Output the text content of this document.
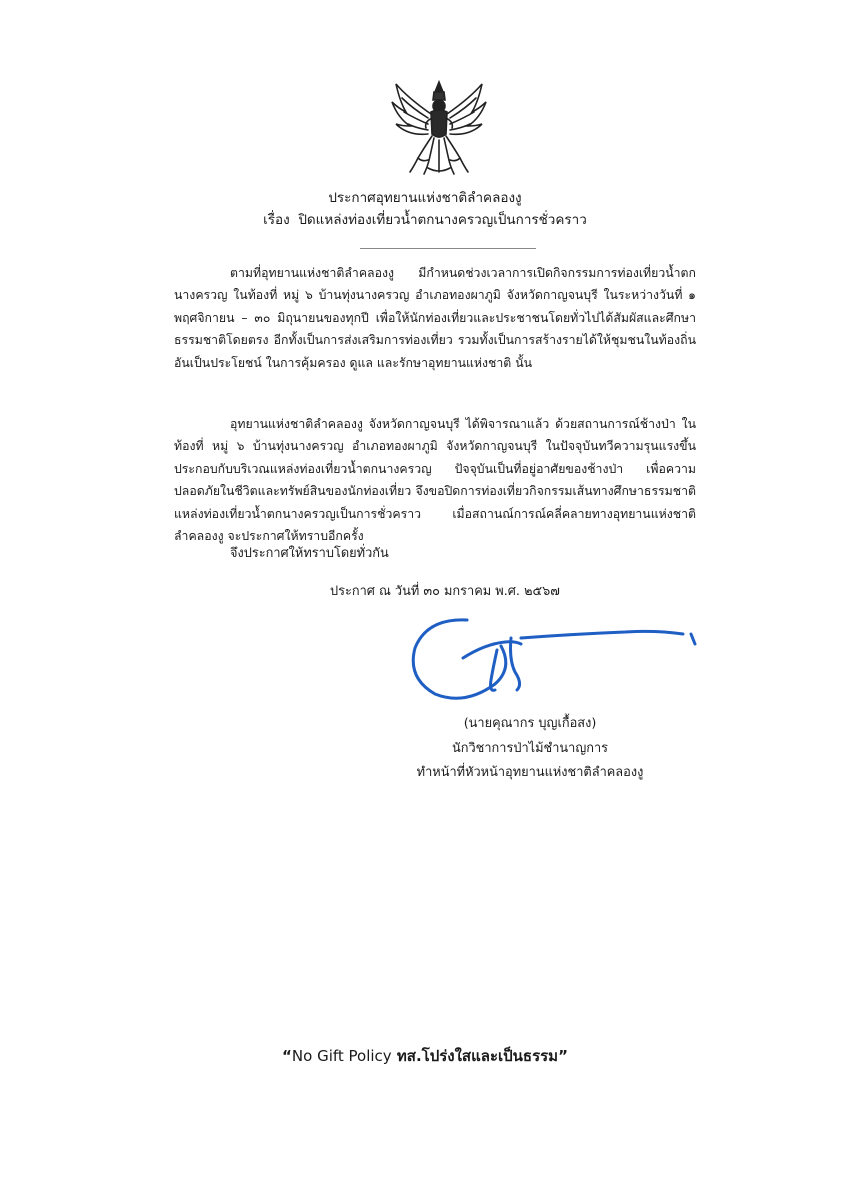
ประกาศอุทยานแห่งชาติลำคลองงู
เรื่อง ปิดแหล่งท่องเที่ยวน้ำตกนางครวญเป็นการชั่วคราว
ตามที่อุทยานแห่งชาติลำคลองงู มีกำหนดช่วงเวลาการเปิดกิจกรรมการท่องเที่ยวน้ำตกนางครวญ ในท้องที่ หมู่ ๖ บ้านทุ่งนางครวญ อำเภอทองผาภูมิ จังหวัดกาญจนบุรี ในระหว่างวันที่ ๑ พฤศจิกายน – ๓๐ มิถุนายนของทุกปี เพื่อให้นักท่องเที่ยวและประชาชนโดยทั่วไปได้สัมผัสและศึกษาธรรมชาติโดยตรง อีกทั้งเป็นการส่งเสริมการท่องเที่ยว รวมทั้งเป็นการสร้างรายได้ให้ชุมชนในท้องถิ่น อันเป็นประโยชน์ ในการคุ้มครอง ดูแล และรักษาอุทยานแห่งชาติ นั้น
อุทยานแห่งชาติลำคลองงู จังหวัดกาญจนบุรี ได้พิจารณาแล้ว ด้วยสถานการณ์ช้างป่า ในท้องที่ หมู่ ๖ บ้านทุ่งนางครวญ อำเภอทองผาภูมิ จังหวัดกาญจนบุรี ในปัจจุบันทวีความรุนแรงขึ้น ประกอบกับบริเวณแหล่งท่องเที่ยวน้ำตกนางครวญ ปัจจุบันเป็นที่อยู่อาศัยของช้างป่า เพื่อความปลอดภัยในชีวิตและทรัพย์สินของนักท่องเที่ยว จึงขอปิดการท่องเที่ยวกิจกรรมเส้นทางศึกษาธรรมชาติแหล่งท่องเที่ยวน้ำตกนางครวญเป็นการชั่วคราว เมื่อสถานณ์การณ์คลี่คลายทางอุทยานแห่งชาติลำคลองงู จะประกาศให้ทราบอีกครั้ง
จึงประกาศให้ทราบโดยทั่วกัน
ประกาศ ณ วันที่ ๓๐ มกราคม พ.ศ. ๒๕๖๗
(นายคุณากร บุญเกื้อสง)
นักวิชาการป่าไม้ชำนาญการ
ทำหน้าที่หัวหน้าอุทยานแห่งชาติลำคลองงู
“No Gift Policy ทส.โปร่งใสและเป็นธรรม”
